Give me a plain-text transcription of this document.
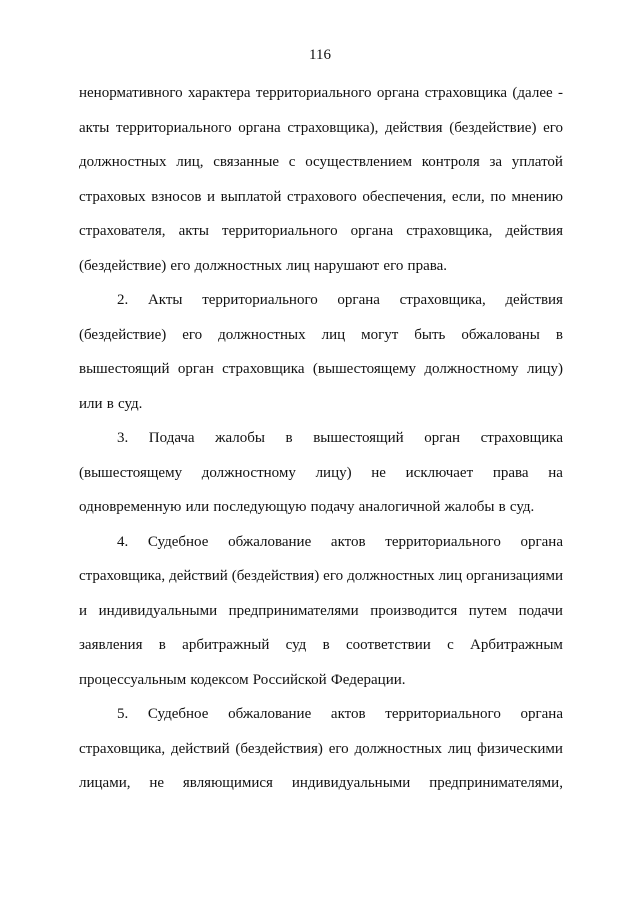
116
ненормативного характера территориального органа страховщика (далее -
акты территориального органа страховщика), действия (бездействие) его
должностных лиц, связанные с осуществлением контроля за уплатой
страховых взносов и выплатой страхового обеспечения, если, по мнению
страхователя, акты территориального органа страховщика, действия
(бездействие) его должностных лиц нарушают его права.
2. Акты территориального органа страховщика, действия
(бездействие) его должностных лиц могут быть обжалованы в
вышестоящий орган страховщика (вышестоящему должностному лицу)
или в суд.
3. Подача жалобы в вышестоящий орган страховщика
(вышестоящему должностному лицу) не исключает права на
одновременную или последующую подачу аналогичной жалобы в суд.
4. Судебное обжалование актов территориального органа
страховщика, действий (бездействия) его должностных лиц организациями
и индивидуальными предпринимателями производится путем подачи
заявления в арбитражный суд в соответствии с Арбитражным
процессуальным кодексом Российской Федерации.
5. Судебное обжалование актов территориального органа
страховщика, действий (бездействия) его должностных лиц физическими
лицами, не являющимися индивидуальными предпринимателями,
